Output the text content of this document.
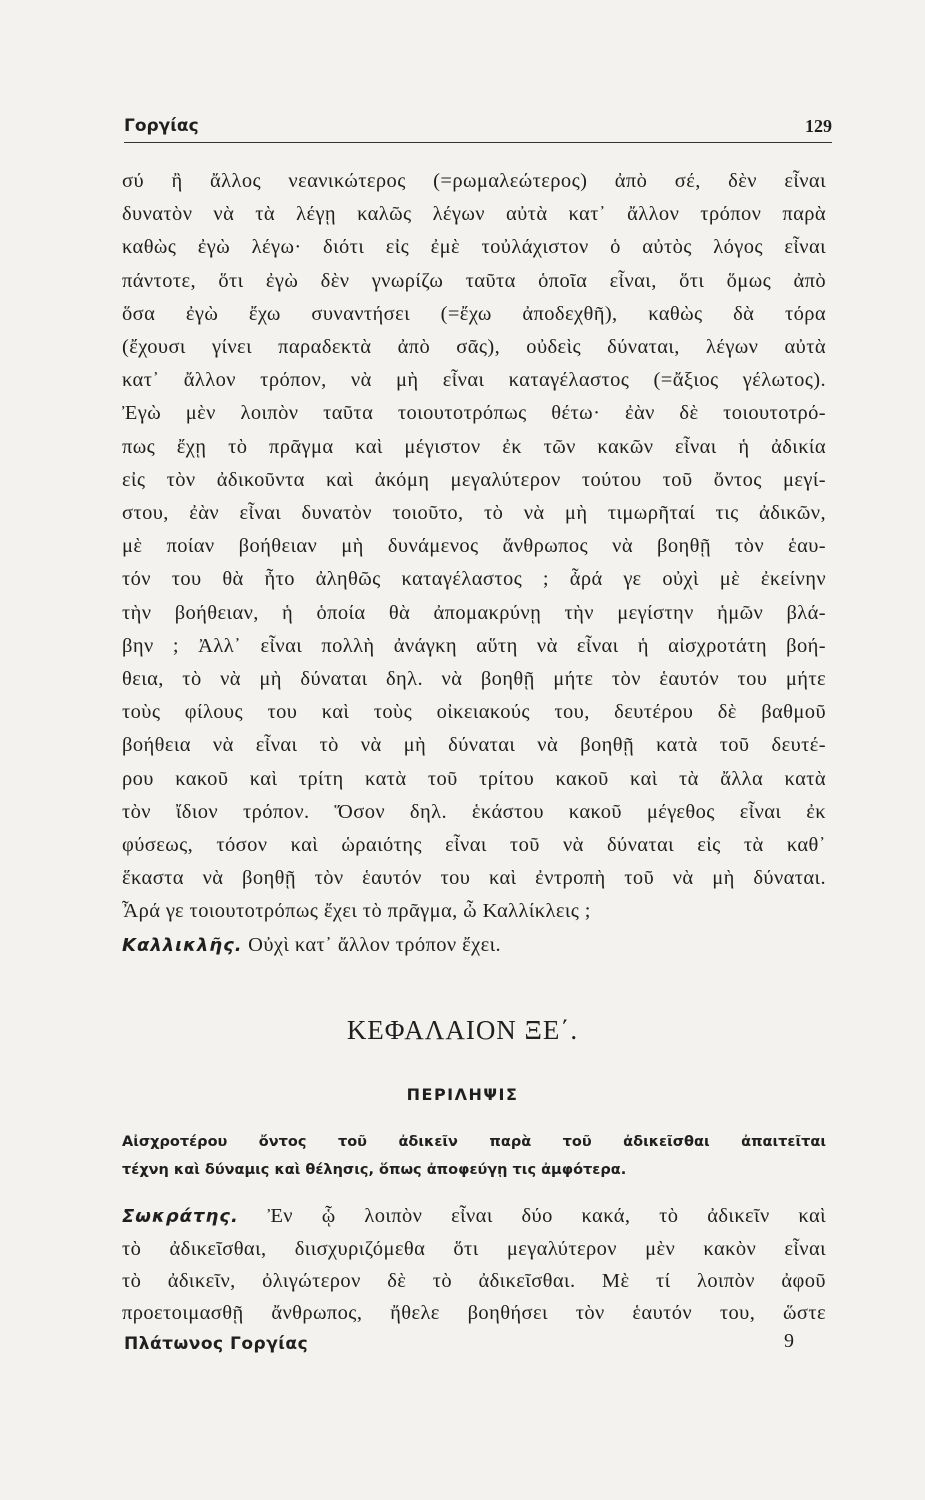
Γοργίας	129
σύ ἢ ἄλλος νεανικώτερος (=ρωμαλεώτερος) ἀπὸ σέ, δὲν εἶναι
δυνατὸν νὰ τὰ λέγῃ καλῶς λέγων αὐτὰ κατ᾽ ἄλλον τρόπον παρὰ
καθὼς ἐγὼ λέγω· διότι εἰς ἐμὲ τοὐλάχιστον ὁ αὐτὸς λόγος εἶναι
πάντοτε, ὅτι ἐγὼ δὲν γνωρίζω ταῦτα ὁποῖα εἶναι, ὅτι ὅμως ἀπὸ
ὅσα ἐγὼ ἔχω συναντήσει (=ἔχω ἀποδεχθῆ), καθὼς δὰ τόρα
(ἔχουσι γίνει παραδεκτὰ ἀπὸ σᾶς), οὐδεὶς δύναται, λέγων αὐτὰ
κατ᾽ ἄλλον τρόπον, νὰ μὴ εἶναι καταγέλαστος (=ἄξιος γέλωτος).
Ἐγὼ μὲν λοιπὸν ταῦτα τοιουτοτρόπως θέτω· ἐὰν δὲ τοιουτοτρό-
πως ἔχῃ τὸ πρᾶγμα καὶ μέγιστον ἐκ τῶν κακῶν εἶναι ἡ ἀδικία
εἰς τὸν ἀδικοῦντα καὶ ἀκόμη μεγαλύτερον τούτου τοῦ ὄντος μεγί-
στου, ἐὰν εἶναι δυνατὸν τοιοῦτο, τὸ νὰ μὴ τιμωρῆταί τις ἀδικῶν,
μὲ ποίαν βοήθειαν μὴ δυνάμενος ἄνθρωπος νὰ βοηθῇ τὸν ἑαυ-
τόν του θὰ ἦτο ἀληθῶς καταγέλαστος ; ἆρά γε οὐχὶ μὲ ἐκείνην
τὴν βοήθειαν, ἡ ὁποία θὰ ἀπομακρύνῃ τὴν μεγίστην ἡμῶν βλά-
βην ; Ἀλλ᾽ εἶναι πολλὴ ἀνάγκη αὕτη νὰ εἶναι ἡ αἰσχροτάτη βοή-
θεια, τὸ νὰ μὴ δύναται δηλ. νὰ βοηθῇ μήτε τὸν ἑαυτόν του μήτε
τοὺς φίλους του καὶ τοὺς οἰκειακούς του, δευτέρου δὲ βαθμοῦ
βοήθεια νὰ εἶναι τὸ νὰ μὴ δύναται νὰ βοηθῇ κατὰ τοῦ δευτέ-
ρου κακοῦ καὶ τρίτη κατὰ τοῦ τρίτου κακοῦ καὶ τὰ ἄλλα κατὰ
τὸν ἴδιον τρόπον. Ὅσον δηλ. ἑκάστου κακοῦ μέγεθος εἶναι ἐκ
φύσεως, τόσον καὶ ὡραιότης εἶναι τοῦ νὰ δύναται εἰς τὰ καθ᾽
ἕκαστα νὰ βοηθῇ τὸν ἑαυτόν του καὶ ἐντροπὴ τοῦ νὰ μὴ δύναται.
Ἆρά γε τοιουτοτρόπως ἔχει τὸ πρᾶγμα, ὦ Καλλίκλεις ;
Καλλικλῆς. Οὐχὶ κατ᾽ ἄλλον τρόπον ἔχει.
ΚΕΦΑΛΑΙΟΝ ΞΕ΄.
ΠΕΡΙΛΗΨΙΣ
Αἰσχροτέρου ὄντος τοῦ ἀδικεῖν παρὰ τοῦ ἀδικεῖσθαι ἀπαιτεῖται
τέχνη καὶ δύναμις καὶ θέλησις, ὅπως ἀποφεύγῃ τις ἀμφότερα.
Σωκράτης. Ἐν ᾧ λοιπὸν εἶναι δύο κακά, τὸ ἀδικεῖν καὶ
τὸ ἀδικεῖσθαι, διισχυριζόμεθα ὅτι μεγαλύτερον μὲν κακὸν εἶναι
τὸ ἀδικεῖν, ὀλιγώτερον δὲ τὸ ἀδικεῖσθαι. Μὲ τί λοιπὸν ἀφοῦ
προετοιμασθῇ ἄνθρωπος, ἤθελε βοηθήσει τὸν ἑαυτόν του, ὥστε
Πλάτωνος Γοργίας	9
